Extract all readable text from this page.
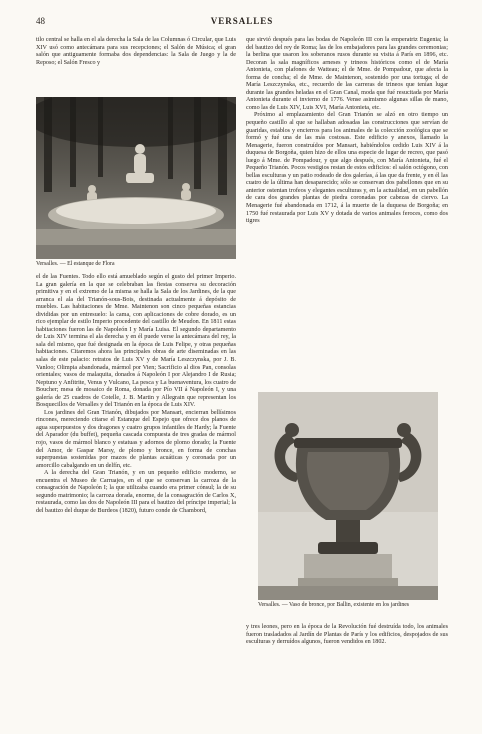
48	VERSALLES

tilo central se halla en el ala derecha la Sala de las Columnas ó Circular, que Luis XIV usó como antecámara para sus recepciones; el Salón de Música; el gran salón que antiguamente formaba dos dependencias: la Sala de Juego y la de Reposo; el Salón Fresco y

Versalles. — El estanque de Flora

el de las Fuentes. Todo ello está amueblado según el gusto del primer Imperio. La gran galería en la que se celebraban las fiestas conserva su decoración primitiva y en el extremo de la misma se halla la Sala de los Jardines, de la que arranca el ala del Trianón-sous-Bois, destinada actualmente á depósito de muebles. Las habitaciones de Mme. Maintenon son cinco pequeñas estancias divididas por un entresuelo: la cama, con aplicaciones de cobre dorado, es un rico ejemplar de estilo Imperio procedente del castillo de Meudon. En 1811 estas habitaciones fueron las de Napoleón I y María Luisa. El segundo departamento de Luis XIV termina el ala derecha y en él puede verse la antecámara del rey, la sala del mismo, que fué designada en la época de Luis Felipe, y otras pequeñas habitaciones. Citaremos ahora las principales obras de arte diseminadas en las salas de este palacio: retratos de Luis XV y de María Leszczynska, por J. B. Vanloo; Olimpia abandonada, mármol por Vien; Sacrificio al dios Pan, consolas orientales; vasos de malaquita, donados á Napoleón I por Alejandro I de Rusia; Neptuno y Anfitrite, Venus y Vulcano, La pesca y La buenaventura, los cuatro de Boucher; mesa de mosaico de Roma, donada por Pío VII á Napoleón I, y una galería de 25 cuadros de Cotelle, J. B. Martin y Allegrain que representan los Bosquecillos de Versalles y del Trianón en la época de Luis XIV.

Los jardines del Gran Trianón, dibujados por Mansart, encierran bellísimos rincones, mereciendo citarse el Estanque del Espejo que ofrece dos planos de agua superpuestos y dos dragones y cuatro grupos infantiles de Hardy; la Fuente del Aparador (du buffet), pequeña cascada compuesta de tres gradas de mármol rojo, vasos de mármol blanco y estatuas y adornos de plomo dorado; la Fuente del Amor, de Gaspar Marsy, de plomo y bronce, en forma de conchas superpuestas sostenidas por mazos de plantas acuáticas y coronada por un amorcillo cabalgando en un delfín, etc.

A la derecha del Gran Trianón, y en un pequeño edificio moderno, se encuentra el Museo de Carruajes, en el que se conservan la carroza de la consagración de Napoleón I; la que utilizaba cuando era primer cónsul; la de su segundo matrimonio; la carroza dorada, enorme, de la consagración de Carlos X, restaurada, como las dos de Napoleón III para el bautizo del príncipe imperial; la del bautizo del duque de Burdeos (1820), futuro conde de Chambord,

que sirvió después para las bodas de Napoleón III con la emperatriz Eugenia; la del bautizo del rey de Roma; las de los embajadores para las grandes ceremonias; la berlina que usaron los soberanos rusos durante su visita á París en 1896, etc. Decoran la sala magníficos arneses y trineos históricos como el de María Antonieta, con plafones de Watteau; el de Mme. de Pompadour, que afecta la forma de concha; el de Mme. de Maintenon, sostenido por una tortuga; el de María Leszczynska, etc., recuerdo de las carreras de trineos que tenían lugar durante las grandes heladas en el Gran Canal, moda que fué resucitada por María Antonieta durante el invierno de 1776. Vense asimismo algunas sillas de mano, como las de Luis XIV, Luis XVI, María Antonieta, etc.

Próximo al emplazamiento del Gran Trianón se alzó en otro tiempo un pequeño castillo al que se hallaban adosadas las construcciones que servían de guaridas, establos y encierros para los animales de la colección zoológica que se formó y fué una de las más costosas. Este edificio y anexos, llamado la Menagerie, fueron construídos por Mansart, habiéndolos cedido Luis XIV á la duquesa de Borgoña, quien hizo de ellos una especie de lugar de recreo, que pasó luego á Mme. de Pompadour, y que algo después, con María Antonieta, fué el Pequeño Trianón. Pocos vestigios restan de estos edificios: el salón octógono, con bellas esculturas y un patio rodeado de dos galerías, á las que da frente, y en él las cuatro de la última han desaparecido; sólo se conservan dos pabellones que en su anterior ostentan trofeos y elegantes esculturas y, en la actualidad, en un pabellón de cara dos grandes plantas de piedra coronadas por cabezas de ciervo. La Menagerie fué abandonada en 1712, á la muerte de la duquesa de Borgoña; en 1750 fué restaurada por Luis XV y dotada de varios animales feroces, como dos tigres

Versalles. — Vaso de bronce, por Ballin, existente en los jardines

y tres leones, pero en la época de la Revolución fué destruída todo, los animales fueron trasladados al Jardín de Plantas de París y los edificios, despojados de sus esculturas y derruídos algunos, fueron vendidos en 1802.
